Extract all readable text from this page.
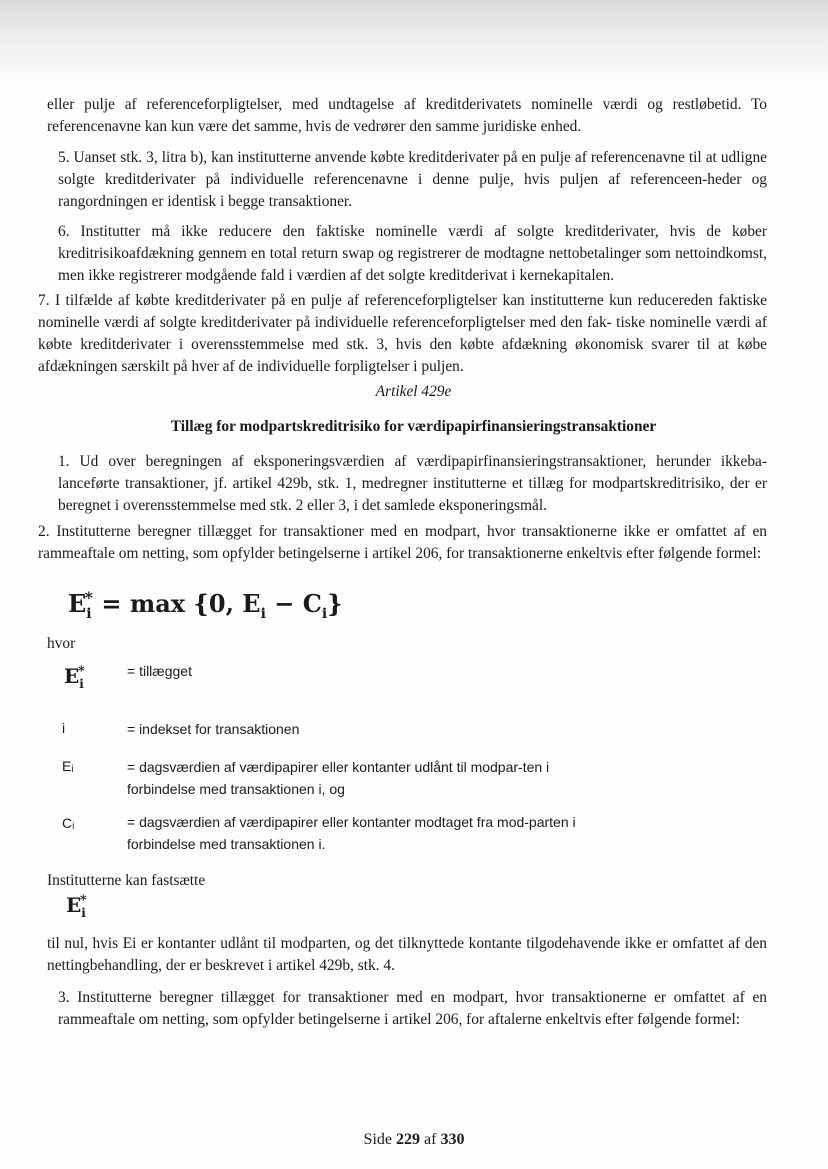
eller pulje af referenceforpligtelser, med undtagelse af kreditderivatets nominelle værdi og restløbetid. To referencenavne kan kun være det samme, hvis de vedrører den samme juridiske enhed.

5. Uanset stk. 3, litra b), kan institutterne anvende købte kreditderivater på en pulje af referencenavne til at udligne solgte kreditderivater på individuelle referencenavne i denne pulje, hvis puljen af referenceen-heder og rangordningen er identisk i begge transaktioner.

6. Institutter må ikke reducere den faktiske nominelle værdi af solgte kreditderivater, hvis de køber kreditrisikoafdækning gennem en total return swap og registrerer de modtagne nettobetalinger som nettoindkomst, men ikke registrerer modgående fald i værdien af det solgte kreditderivat i kernekapitalen.

7. I tilfælde af købte kreditderivater på en pulje af referenceforpligtelser kan institutterne kun reducereden faktiske nominelle værdi af solgte kreditderivater på individuelle referenceforpligtelser med den fak- tiske nominelle værdi af købte kreditderivater i overensstemmelse med stk. 3, hvis den købte afdækning økonomisk svarer til at købe afdækningen særskilt på hver af de individuelle forpligtelser i puljen.

Artikel 429e

Tillæg for modpartskreditrisiko for værdipapirfinansieringstransaktioner

1. Ud over beregningen af eksponeringsværdien af værdipapirfinansieringstransaktioner, herunder ikkeba-lanceførte transaktioner, jf. artikel 429b, stk. 1, medregner institutterne et tillæg for modpartskreditrisiko, der er beregnet i overensstemmelse med stk. 2 eller 3, i det samlede eksponeringsmål.

2. Institutterne beregner tillægget for transaktioner med en modpart, hvor transaktionerne ikke er omfattet af en rammeaftale om netting, som opfylder betingelserne i artikel 206, for transaktionerne enkeltvis efter følgende formel:

$E_i^* = \max \{0$, $E_i - C_i$}

hvor

$E_i^*$	= tillægget
i	= indekset for transaktionen
Eᵢ	= dagsværdien af værdipapirer eller kontanter udlånt til modpar-ten i forbindelse med transaktionen i, og
Cᵢ	= dagsværdien af værdipapirer eller kontanter modtaget fra mod-parten i forbindelse med transaktionen i.

Institutterne kan fastsætte

$E_i^*$

til nul, hvis Ei er kontanter udlånt til modparten, og det tilknyttede kontante tilgodehavende ikke er omfattet af den nettingbehandling, der er beskrevet i artikel 429b, stk. 4.

3. Institutterne beregner tillægget for transaktioner med en modpart, hvor transaktionerne er omfattet af en rammeaftale om netting, som opfylder betingelserne i artikel 206, for aftalerne enkeltvis efter følgende formel:

Side 229 af 330
